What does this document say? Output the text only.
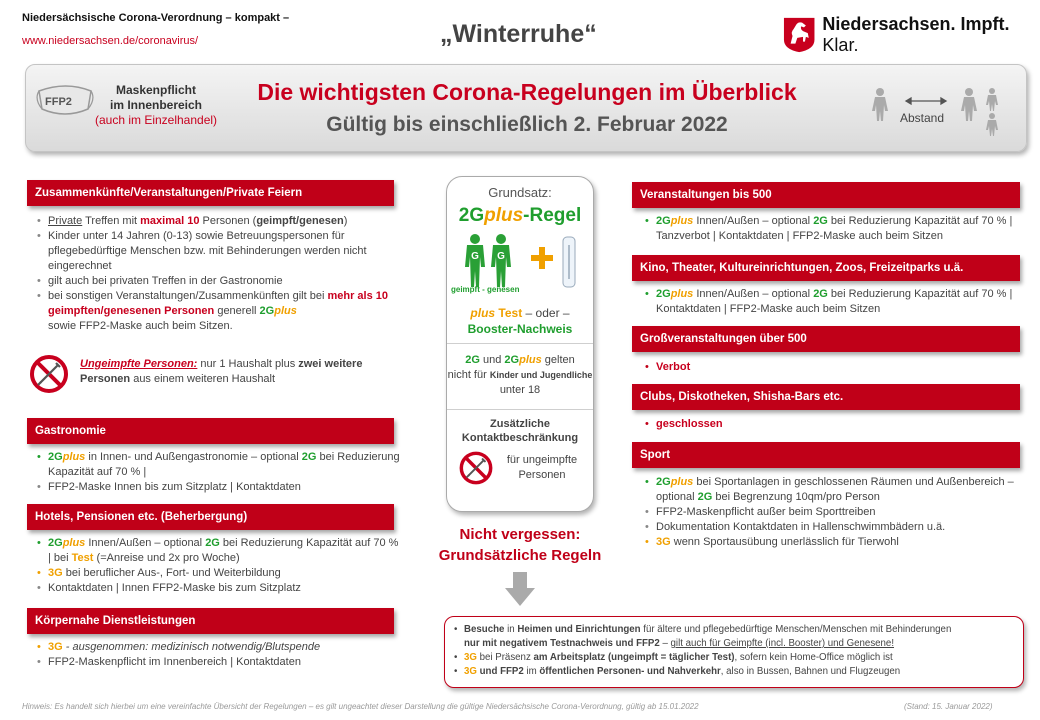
Niedersächsische Corona-Verordnung – kompakt –
www.niedersachsen.de/coronavirus/	„Winterruhe“	Niedersachsen. Impft. Klar.
FFP2
Maskenpflicht
im Innenbereich
(auch im Einzelhandel)
Die wichtigsten Corona-Regelungen im Überblick
Gültig bis einschließlich 2. Februar 2022	Abstand
Zusammenkünfte/Veranstaltungen/Private Feiern
• Private Treffen mit maximal 10 Personen (geimpft/genesen)
• Kinder unter 14 Jahren (0-13) sowie Betreuungspersonen für pflegebedürftige Menschen bzw. mit Behinderungen werden nicht eingerechnet
• gilt auch bei privaten Treffen in der Gastronomie
• bei sonstigen Veranstaltungen/Zusammenkünften gilt bei mehr als 10 geimpften/genesenen Personen generell 2Gplus
sowie FFP2-Maske auch beim Sitzen.
Ungeimpfte Personen: nur 1 Haushalt plus zwei weitere Personen aus einem weiteren Haushalt
Gastronomie
• 2Gplus in Innen- und Außengastronomie – optional 2G bei Reduzierung Kapazität auf 70 % |
• FFP2-Maske Innen bis zum Sitzplatz | Kontaktdaten
Hotels, Pensionen etc. (Beherbergung)
• 2Gplus Innen/Außen – optional 2G bei Reduzierung Kapazität auf 70 % | bei Test (=Anreise und 2x pro Woche)
• 3G bei beruflicher Aus-, Fort- und Weiterbildung
• Kontaktdaten | Innen FFP2-Maske bis zum Sitzplatz
Körpernahe Dienstleistungen
• 3G - ausgenommen: medizinisch notwendig/Blutspende
• FFP2-Maskenpflicht im Innenbereich | Kontaktdaten
Grundsatz:
2Gplus-Regel
G G
geimpft - genesen
plus Test – oder –
Booster-Nachweis
2G und 2Gplus gelten
nicht für Kinder und Jugendliche unter 18
Zusätzliche Kontaktbeschränkung
für ungeimpfte Personen
Nicht vergessen:
Grundsätzliche Regeln
Veranstaltungen bis 500
• 2Gplus Innen/Außen – optional 2G bei Reduzierung Kapazität auf 70 % | Tanzverbot | Kontaktdaten | FFP2-Maske auch beim Sitzen
Kino, Theater, Kultureinrichtungen, Zoos, Freizeitparks u.ä.
• 2Gplus Innen/Außen – optional 2G bei Reduzierung Kapazität auf 70 % | Kontaktdaten | FFP2-Maske auch beim Sitzen
Großveranstaltungen über 500
• Verbot
Clubs, Diskotheken, Shisha-Bars etc.
• geschlossen
Sport
• 2Gplus bei Sportanlagen in geschlossenen Räumen und Außenbereich – optional 2G bei Begrenzung 10qm/pro Person
• FFP2-Maskenpflicht außer beim Sporttreiben
• Dokumentation Kontaktdaten in Hallenschwimmbädern u.ä.
• 3G wenn Sportausübung unerlässlich für Tierwohl
• Besuche in Heimen und Einrichtungen für ältere und pflegebedürftige Menschen/Menschen mit Behinderungen
nur mit negativem Testnachweis und FFP2 – gilt auch für Geimpfte (incl. Booster) und Genesene!
• 3G bei Präsenz am Arbeitsplatz (ungeimpft = täglicher Test), sofern kein Home-Office möglich ist
• 3G und FFP2 im öffentlichen Personen- und Nahverkehr, also in Bussen, Bahnen und Flugzeugen
Hinweis: Es handelt sich hierbei um eine vereinfachte Übersicht der Regelungen – es gilt ungeachtet dieser Darstellung die gültige Niedersächsische Corona-Verordnung, gültig ab 15.01.2022	(Stand: 15. Januar 2022)
